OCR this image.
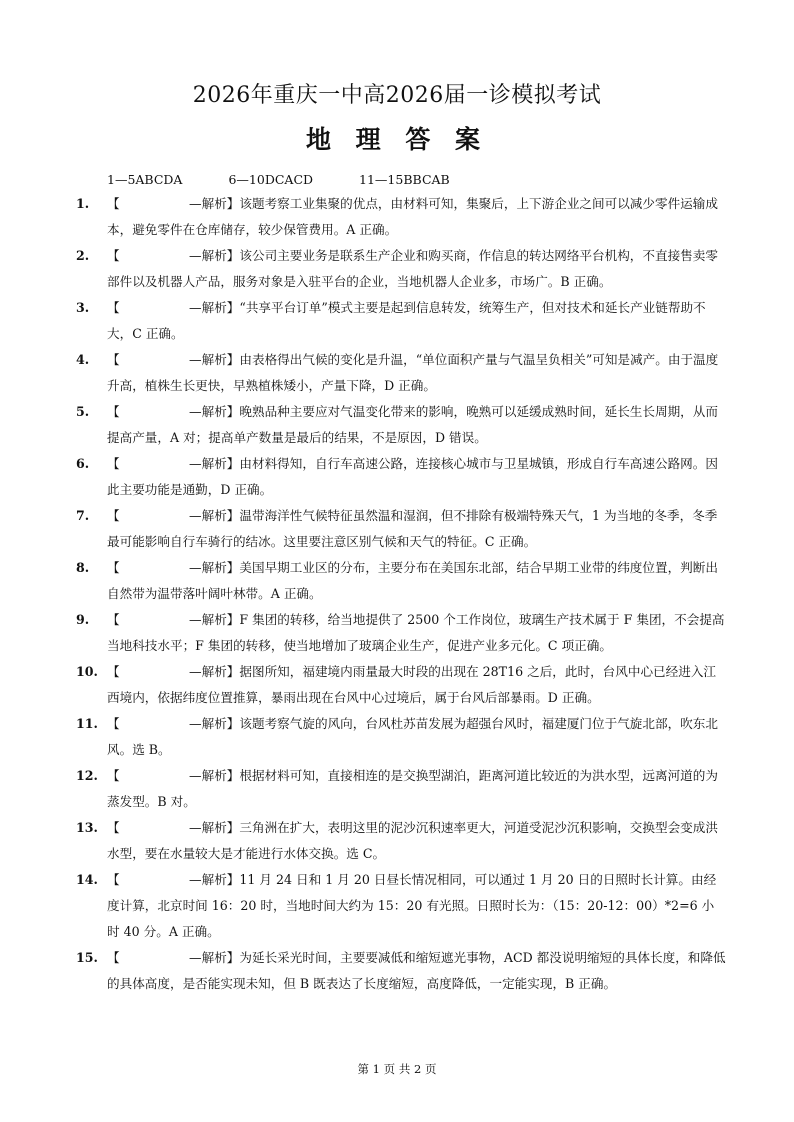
2026年重庆一中高2026届一诊模拟考试
地 理 答 案
1—5ABCDA	6—10DCACD	11—15BBCAB
1.	【	—解析】该题考察工业集聚的优点，由材料可知，集聚后，上下游企业之间可以减少零件运输成本，避免零件在仓库储存，较少保管费用。A 正确。
2.	【	—解析】该公司主要业务是联系生产企业和购买商，作信息的转达网络平台机构，不直接售卖零部件以及机器人产品，服务对象是入驻平台的企业，当地机器人企业多，市场广。B 正确。
3.	【	—解析】“共享平台订单”模式主要是起到信息转发，统筹生产，但对技术和延长产业链帮助不大，C 正确。
4.	【	—解析】由表格得出气候的变化是升温，“单位面积产量与气温呈负相关”可知是减产。由于温度升高，植株生长更快，早熟植株矮小，产量下降，D 正确。
5.	【	—解析】晚熟品种主要应对气温变化带来的影响，晚熟可以延缓成熟时间，延长生长周期，从而提高产量，A 对；提高单产数量是最后的结果，不是原因，D 错误。
6.	【	—解析】由材料得知，自行车高速公路，连接核心城市与卫星城镇，形成自行车高速公路网。因此主要功能是通勤，D 正确。
7.	【	—解析】温带海洋性气候特征虽然温和湿润，但不排除有极端特殊天气，1 为当地的冬季，冬季最可能影响自行车骑行的结冰。这里要注意区别气候和天气的特征。C 正确。
8.	【	—解析】美国早期工业区的分布，主要分布在美国东北部，结合早期工业带的纬度位置，判断出自然带为温带落叶阔叶林带。A 正确。
9.	【	—解析】F 集团的转移，给当地提供了 2500 个工作岗位，玻璃生产技术属于 F 集团，不会提高当地科技水平；F 集团的转移，使当地增加了玻璃企业生产，促进产业多元化。C 项正确。
10. 【	—解析】据图所知，福建境内雨量最大时段的出现在 28T16 之后，此时，台风中心已经进入江西境内，依据纬度位置推算，暴雨出现在台风中心过境后，属于台风后部暴雨。D 正确。
11. 【	—解析】该题考察气旋的风向，台风杜苏苗发展为超强台风时，福建厦门位于气旋北部，吹东北风。选 B。
12. 【	—解析】根据材料可知，直接相连的是交换型湖泊，距离河道比较近的为洪水型，远离河道的为蒸发型。B 对。
13. 【	—解析】三角洲在扩大，表明这里的泥沙沉积速率更大，河道受泥沙沉积影响，交换型会变成洪水型，要在水量较大是才能进行水体交换。选 C。
14. 【	—解析】11 月 24 日和 1 月 20 日昼长情况相同，可以通过 1 月 20 日的日照时长计算。由经度计算，北京时间 16：20 时，当地时间大约为 15：20 有光照。日照时长为：（15：20-12：00）*2=6 小时 40 分。A 正确。
15. 【	—解析】为延长采光时间，主要要减低和缩短遮光事物，ACD 都没说明缩短的具体长度，和降低的具体高度，是否能实现未知，但 B 既表达了长度缩短，高度降低，一定能实现，B 正确。
第 1 页 共 2 页
